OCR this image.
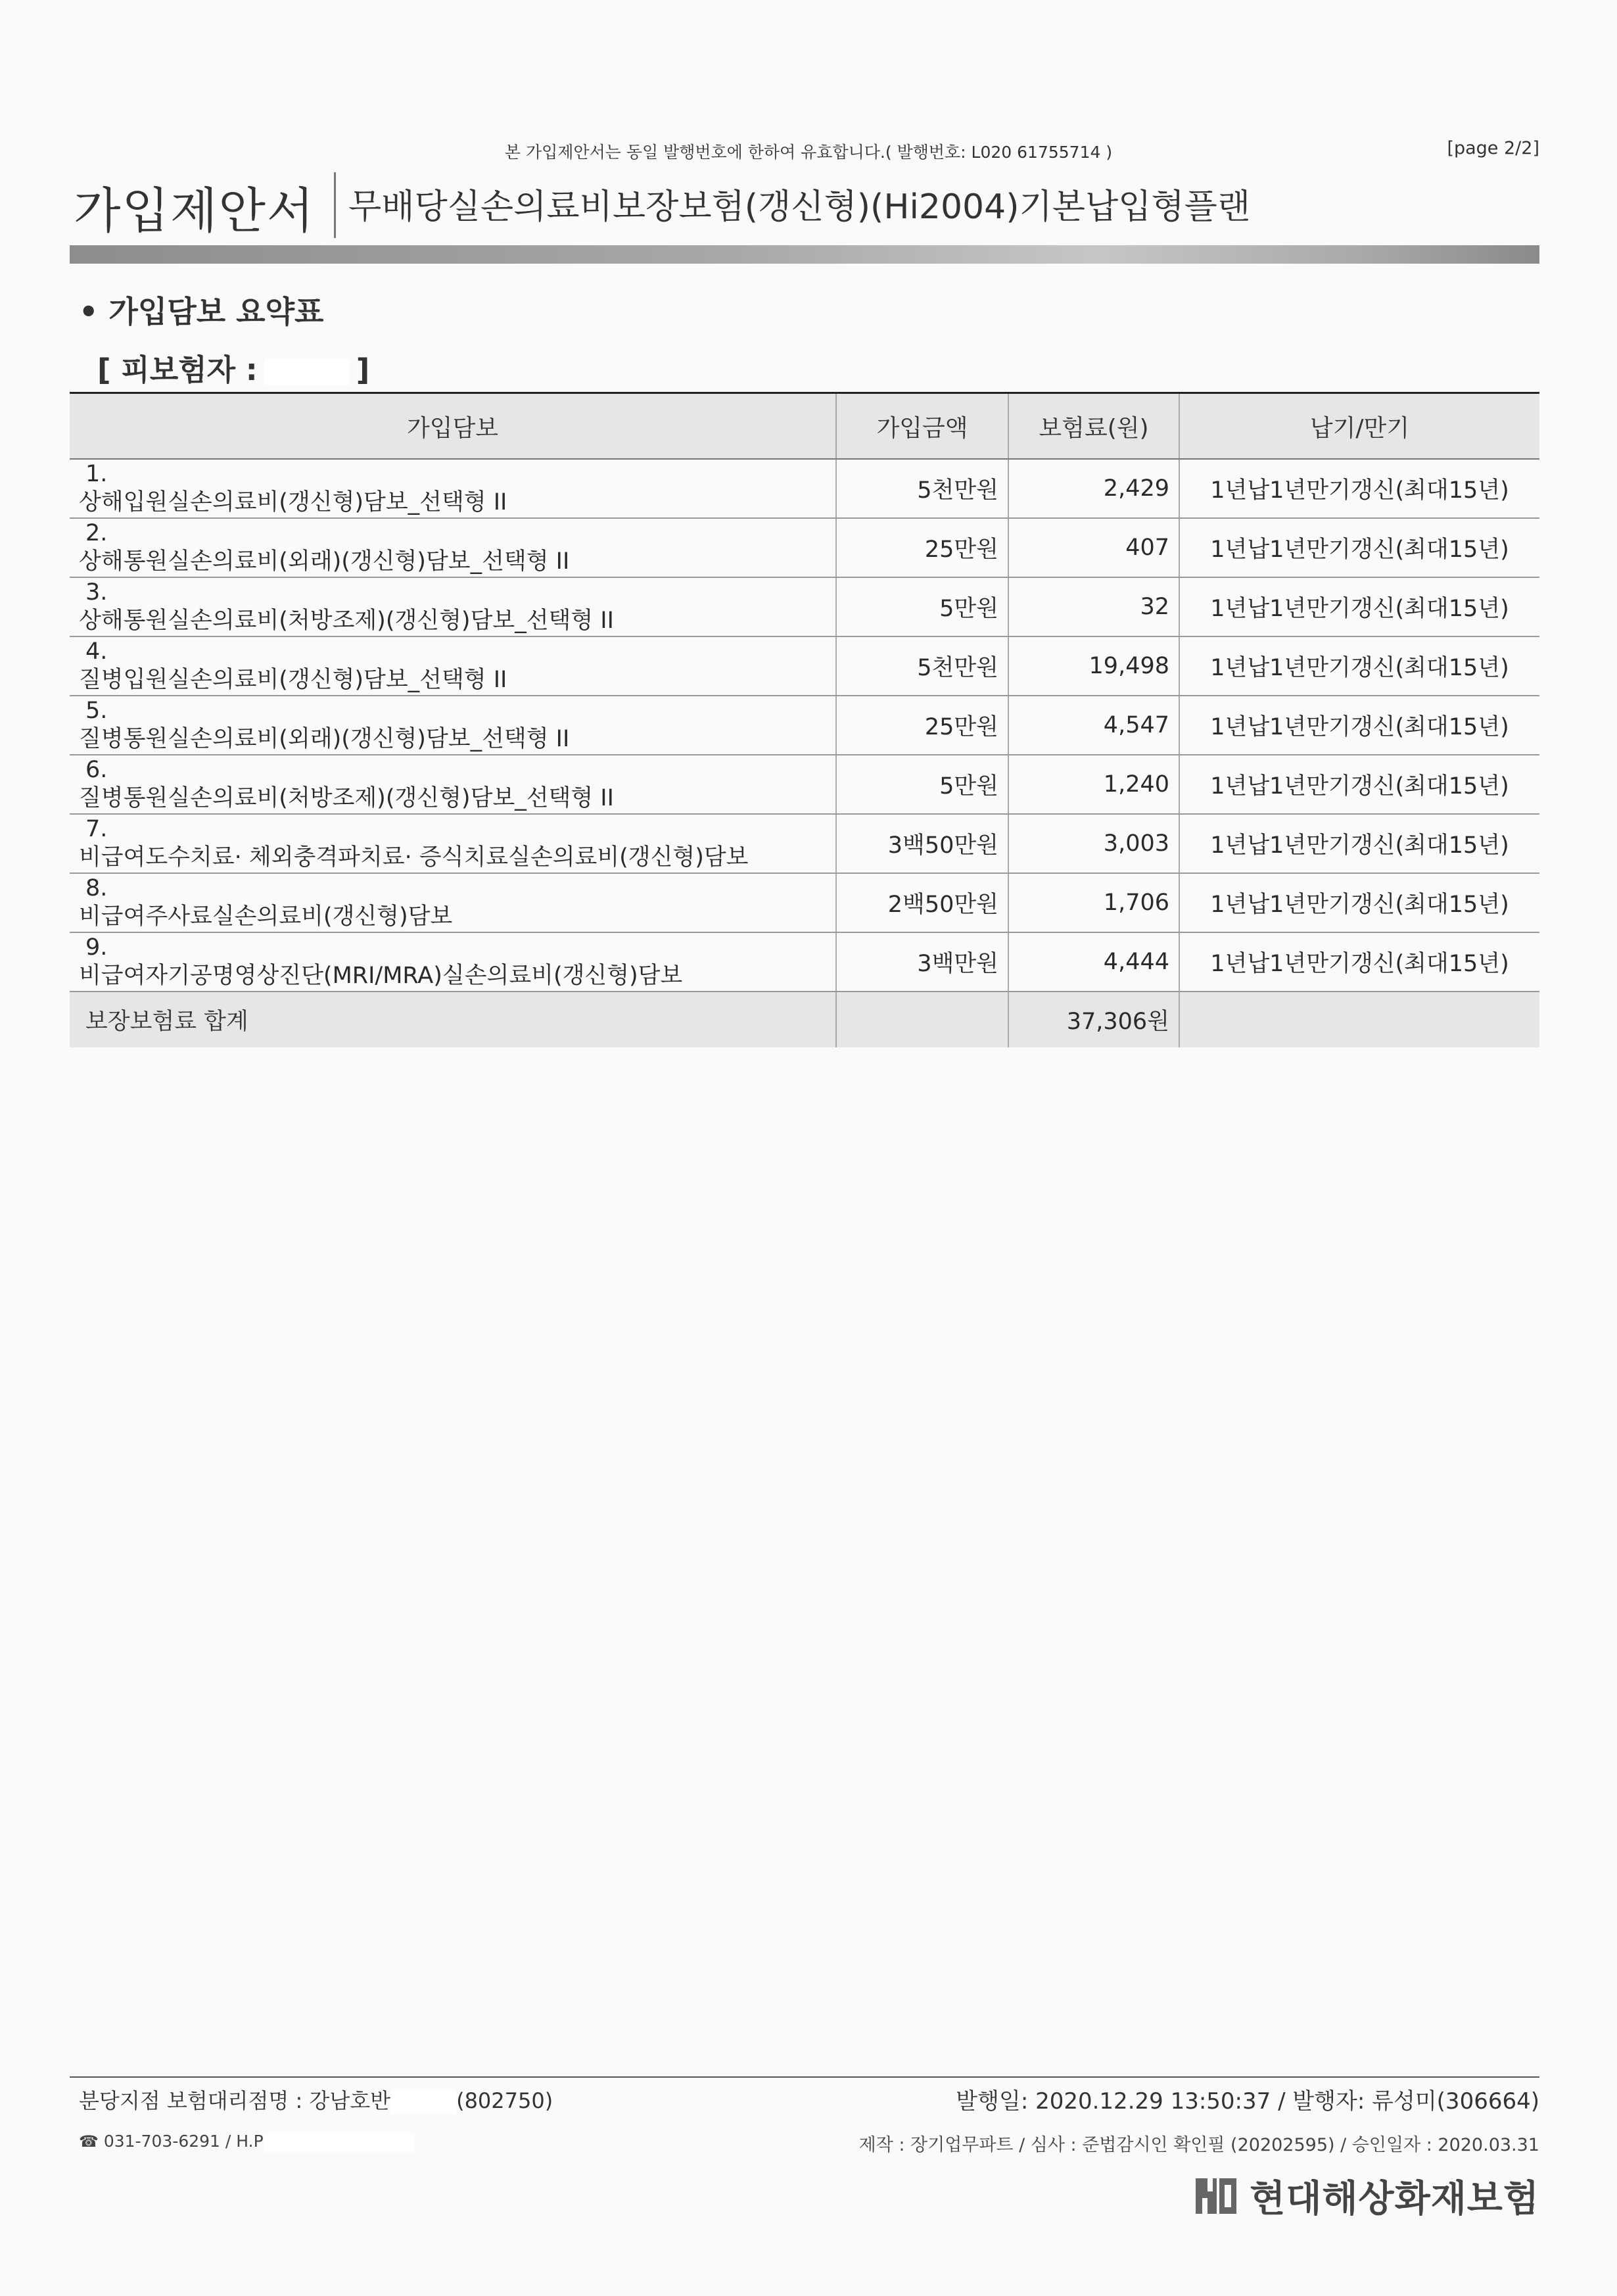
본 가입제안서는 동일 발행번호에 한하여 유효합니다.( 발행번호: L020 61755714 )	[page 2/2]
가입제안서 무배당실손의료비보장보험(갱신형)(Hi2004)기본납입형플랜
• 가입담보 요약표
[ 피보험자 :	]
가입담보	가입금액	보험료(원)	납기/만기
1.상해입원실손의료비(갱신형)담보_선택형 II	5천만원	2,429	1년납1년만기갱신(최대15년)
2.상해통원실손의료비(외래)(갱신형)담보_선택형 II	25만원	407	1년납1년만기갱신(최대15년)
3.상해통원실손의료비(처방조제)(갱신형)담보_선택형 II	5만원	32	1년납1년만기갱신(최대15년)
4.질병입원실손의료비(갱신형)담보_선택형 II	5천만원	19,498	1년납1년만기갱신(최대15년)
5.질병통원실손의료비(외래)(갱신형)담보_선택형 II	25만원	4,547	1년납1년만기갱신(최대15년)
6.질병통원실손의료비(처방조제)(갱신형)담보_선택형 II	5만원	1,240	1년납1년만기갱신(최대15년)
7.비급여도수치료· 체외충격파치료· 증식치료실손의료비(갱신형)담보	3백50만원	3,003	1년납1년만기갱신(최대15년)
8.비급여주사료실손의료비(갱신형)담보	2백50만원	1,706	1년납1년만기갱신(최대15년)
9.비급여자기공명영상진단(MRI/MRA)실손의료비(갱신형)담보	3백만원	4,444	1년납1년만기갱신(최대15년)
보장보험료 합계		37,306원	
분당지점 보험대리점명 : 강남호반	(802750)	발행일: 2020.12.29 13:50:37 / 발행자: 류성미(306664)
☎ 031-703-6291 / H.P	제작 : 장기업무파트 / 심사 : 준법감시인 확인필 (20202595) / 승인일자 : 2020.03.31
현대해상화재보험
